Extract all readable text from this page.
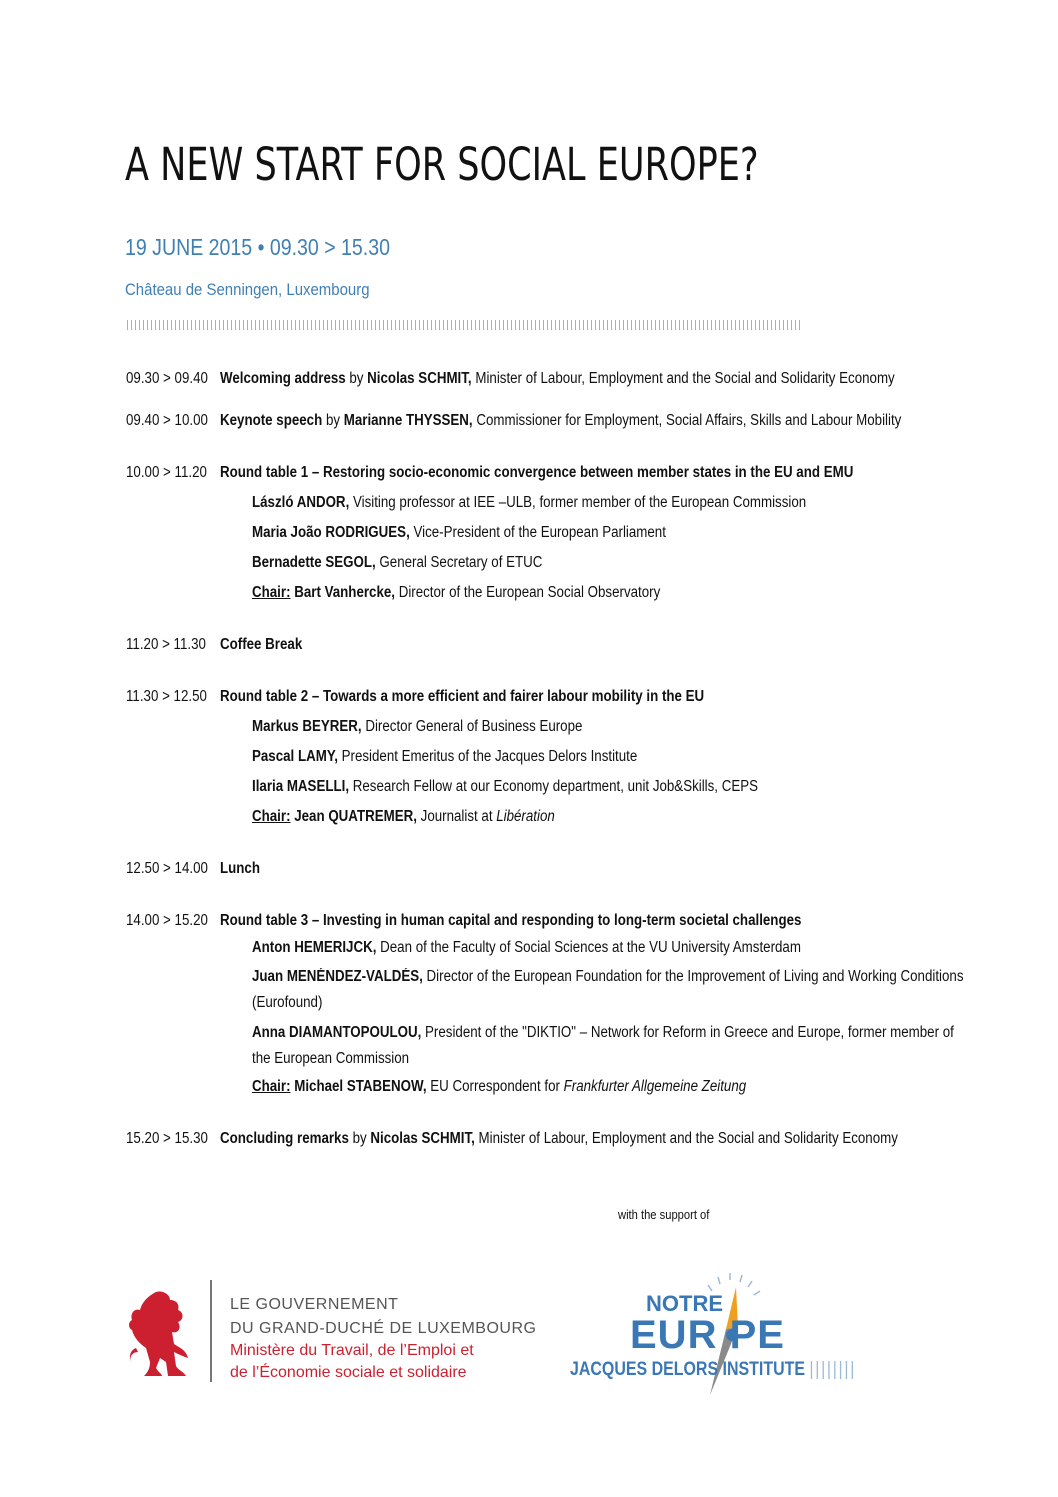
A NEW START FOR SOCIAL EUROPE?
19 JUNE 2015 • 09.30 > 15.30
Château de Senningen, Luxembourg
09.30 > 09.40 Welcoming address by Nicolas SCHMIT, Minister of Labour, Employment and the Social and Solidarity Economy
09.40 > 10.00 Keynote speech by Marianne THYSSEN, Commissioner for Employment, Social Affairs, Skills and Labour Mobility
10.00 > 11.20 Round table 1 – Restoring socio-economic convergence between member states in the EU and EMU
László ANDOR, Visiting professor at IEE –ULB, former member of the European Commission
Maria João RODRIGUES, Vice-President of the European Parliament
Bernadette SEGOL, General Secretary of ETUC
Chair: Bart Vanhercke, Director of the European Social Observatory
11.20 > 11.30 Coffee Break
11.30 > 12.50 Round table 2 – Towards a more efficient and fairer labour mobility in the EU
Markus BEYRER, Director General of Business Europe
Pascal LAMY, President Emeritus of the Jacques Delors Institute
Ilaria MASELLI, Research Fellow at our Economy department, unit Job&Skills, CEPS
Chair: Jean QUATREMER, Journalist at Libération
12.50 > 14.00 Lunch
14.00 > 15.20 Round table 3 – Investing in human capital and responding to long-term societal challenges
Anton HEMERIJCK, Dean of the Faculty of Social Sciences at the VU University Amsterdam
Juan MENÉNDEZ-VALDÉS, Director of the European Foundation for the Improvement of Living and Working Conditions (Eurofound)
Anna DIAMANTOPOULOU, President of the "DIKTIO" – Network for Reform in Greece and Europe, former member of the European Commission
Chair: Michael STABENOW, EU Correspondent for Frankfurter Allgemeine Zeitung
15.20 > 15.30 Concluding remarks by Nicolas SCHMIT, Minister of Labour, Employment and the Social and Solidarity Economy
with the support of
LE GOUVERNEMENT
DU GRAND-DUCHÉ DE LUXEMBOURG
Ministère du Travail, de l’Emploi et
de l’Économie sociale et solidaire
NOTRE
EUR PE
JACQUES DELORS INSTITUTE ||||||||
